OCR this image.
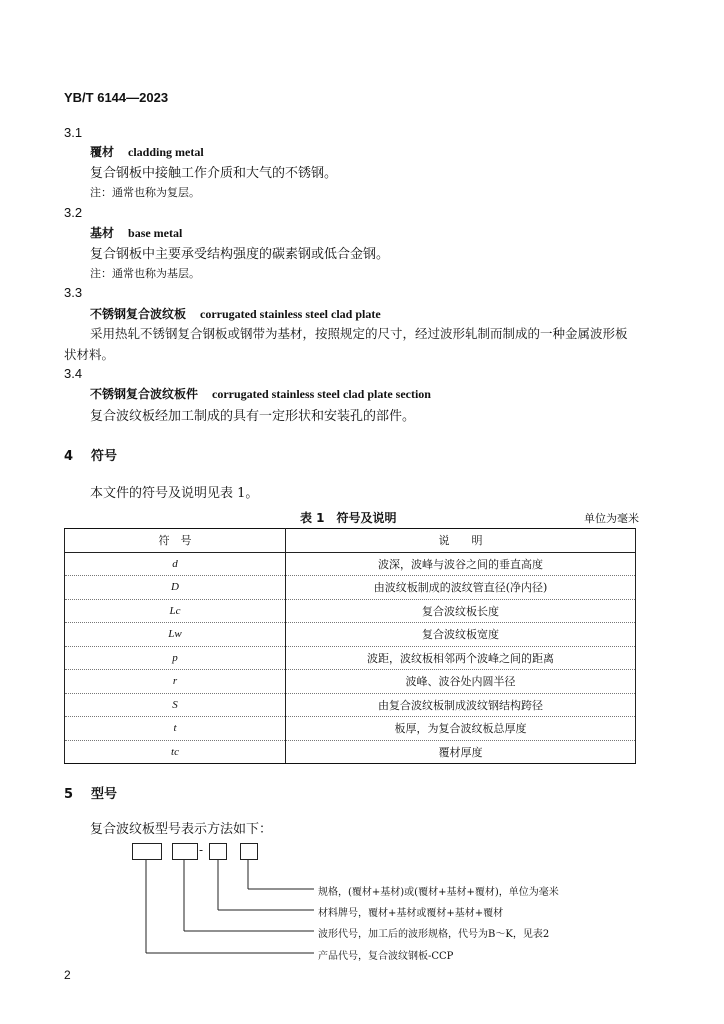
YB/T 6144—2023
3.1
覆材 cladding metal
复合钢板中接触工作介质和大气的不锈钢。
注：通常也称为复层。
3.2
基材 base metal
复合钢板中主要承受结构强度的碳素钢或低合金钢。
注：通常也称为基层。
3.3
不锈钢复合波纹板 corrugated stainless steel clad plate
采用热轧不锈钢复合钢板或钢带为基材，按照规定的尺寸，经过波形轧制而制成的一种金属波形板
状材料。
3.4
不锈钢复合波纹板件 corrugated stainless steel clad plate section
复合波纹板经加工制成的具有一定形状和安装孔的部件。
4 符号
本文件的符号及说明见表 1。
表 1　符号及说明	单位为毫米
符　号	说　　明
d	波深，波峰与波谷之间的垂直高度
D	由波纹板制成的波纹管直径(净内径)
Lc	复合波纹板长度
Lw	复合波纹板宽度
p	波距，波纹板相邻两个波峰之间的距离
r	波峰、波谷处内圆半径
S	由复合波纹板制成波纹钢结构跨径
t	板厚，为复合波纹板总厚度
tc	覆材厚度
5 型号
复合波纹板型号表示方法如下：
-
规格，(覆材+基材)或(覆材+基材+覆材)，单位为毫米
材料牌号，覆材+基材或覆材+基材+覆材
波形代号，加工后的波形规格，代号为B～K，见表2
产品代号，复合波纹钢板-CCP
2
